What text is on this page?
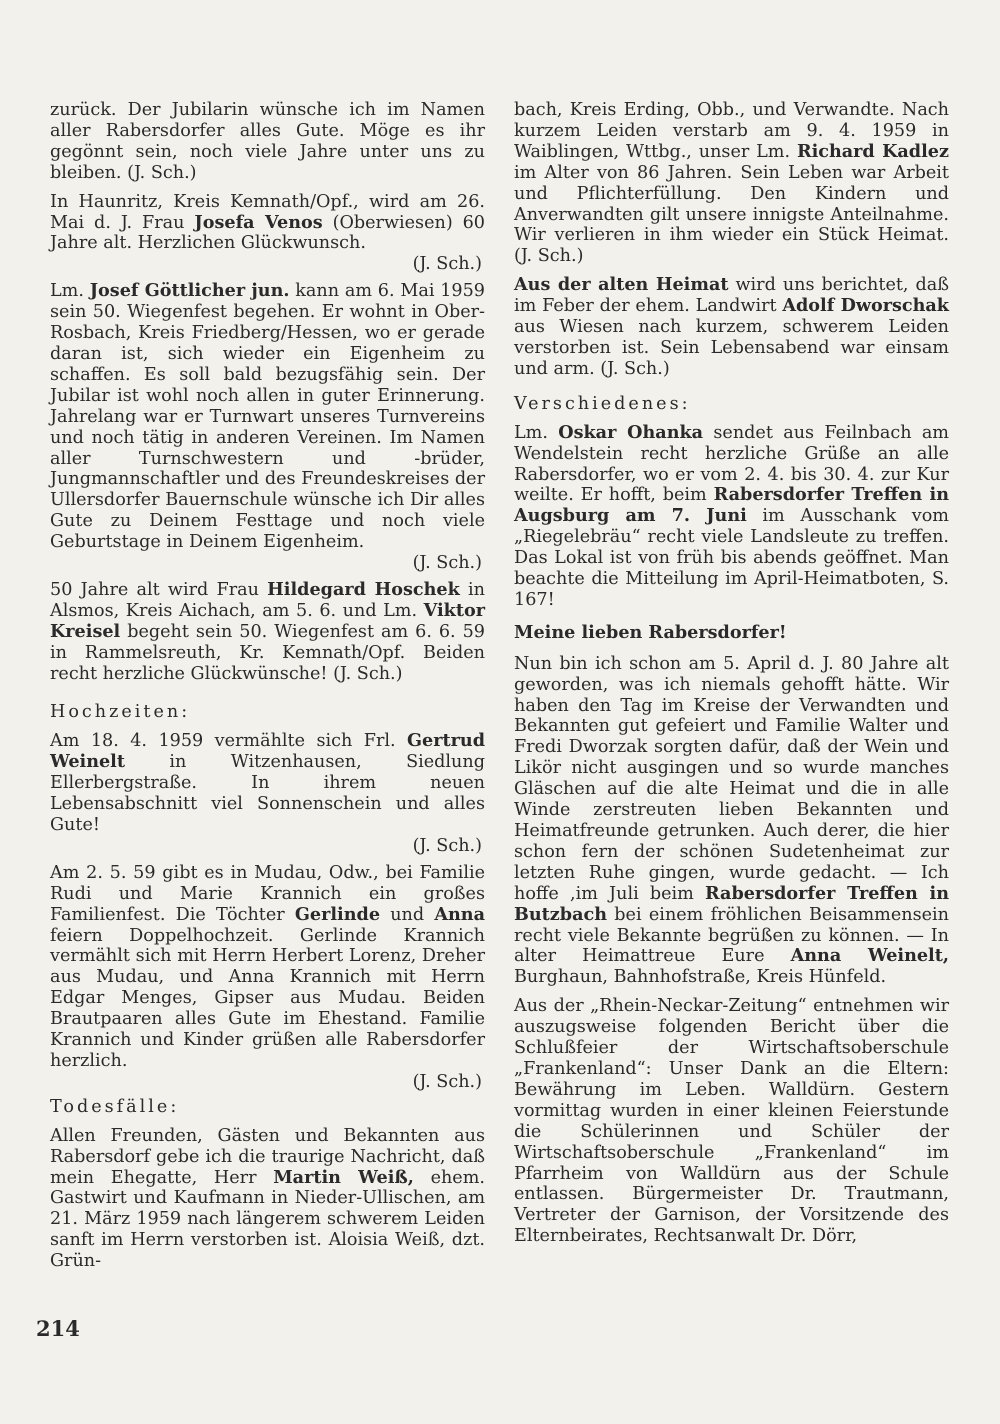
zurück. Der Jubilarin wünsche ich im Namen aller Rabersdorfer alles Gute. Möge es ihr gegönnt sein, noch viele Jahre unter uns zu bleiben. (J. Sch.)

In Haunritz, Kreis Kemnath/Opf., wird am 26. Mai d. J. Frau Josefa Venos (Oberwiesen) 60 Jahre alt. Herzlichen Glückwunsch.

(J. Sch.)

Lm. Josef Göttlicher jun. kann am 6. Mai 1959 sein 50. Wiegenfest begehen. Er wohnt in Ober-Rosbach, Kreis Friedberg/Hessen, wo er gerade daran ist, sich wieder ein Eigenheim zu schaffen. Es soll bald bezugsfähig sein. Der Jubilar ist wohl noch allen in guter Erinnerung. Jahrelang war er Turnwart unseres Turnvereins und noch tätig in anderen Vereinen. Im Namen aller Turnschwestern und -brüder, Jungmannschaftler und des Freundeskreises der Ullersdorfer Bauernschule wünsche ich Dir alles Gute zu Deinem Festtage und noch viele Geburtstage in Deinem Eigenheim.

(J. Sch.)

50 Jahre alt wird Frau Hildegard Hoschek in Alsmos, Kreis Aichach, am 5. 6. und Lm. Viktor Kreisel begeht sein 50. Wiegenfest am 6. 6. 59 in Rammelsreuth, Kr. Kemnath/Opf. Beiden recht herzliche Glückwünsche! (J. Sch.)

Hochzeiten:

Am 18. 4. 1959 vermählte sich Frl. Gertrud Weinelt in Witzenhausen, Siedlung Ellerbergstraße. In ihrem neuen Lebensabschnitt viel Sonnenschein und alles Gute!

(J. Sch.)

Am 2. 5. 59 gibt es in Mudau, Odw., bei Familie Rudi und Marie Krannich ein großes Familienfest. Die Töchter Gerlinde und Anna feiern Doppelhochzeit. Gerlinde Krannich vermählt sich mit Herrn Herbert Lorenz, Dreher aus Mudau, und Anna Krannich mit Herrn Edgar Menges, Gipser aus Mudau. Beiden Brautpaaren alles Gute im Ehestand. Familie Krannich und Kinder grüßen alle Rabersdorfer herzlich.

(J. Sch.)
Todesfälle:

Allen Freunden, Gästen und Bekannten aus Rabersdorf gebe ich die traurige Nachricht, daß mein Ehegatte, Herr Martin Weiß, ehem. Gastwirt und Kaufmann in Nieder-Ullischen, am 21. März 1959 nach längerem schwerem Leiden sanft im Herrn verstorben ist. Aloisia Weiß, dzt. Grün-

bach, Kreis Erding, Obb., und Verwandte. Nach kurzem Leiden verstarb am 9. 4. 1959 in Waiblingen, Wttbg., unser Lm. Richard Kadlez im Alter von 86 Jahren. Sein Leben war Arbeit und Pflichterfüllung. Den Kindern und Anverwandten gilt unsere innigste Anteilnahme. Wir verlieren in ihm wieder ein Stück Heimat. (J. Sch.)

Aus der alten Heimat wird uns berichtet, daß im Feber der ehem. Landwirt Adolf Dworschak aus Wiesen nach kurzem, schwerem Leiden verstorben ist. Sein Lebensabend war einsam und arm. (J. Sch.)

Verschiedenes:

Lm. Oskar Ohanka sendet aus Feilnbach am Wendelstein recht herzliche Grüße an alle Rabersdorfer, wo er vom 2. 4. bis 30. 4. zur Kur weilte. Er hofft, beim Rabersdorfer Treffen in Augsburg am 7. Juni im Ausschank vom „Riegelebräu“ recht viele Landsleute zu treffen. Das Lokal ist von früh bis abends geöffnet. Man beachte die Mitteilung im April-Heimatboten, S. 167!

Meine lieben Rabersdorfer!

Nun bin ich schon am 5. April d. J. 80 Jahre alt geworden, was ich niemals gehofft hätte. Wir haben den Tag im Kreise der Verwandten und Bekannten gut gefeiert und Familie Walter und Fredi Dworzak sorgten dafür, daß der Wein und Likör nicht ausgingen und so wurde manches Gläschen auf die alte Heimat und die in alle Winde zerstreuten lieben Bekannten und Heimatfreunde getrunken. Auch derer, die hier schon fern der schönen Sudetenheimat zur letzten Ruhe gingen, wurde gedacht. — Ich hoffe ,im Juli beim Rabersdorfer Treffen in Butzbach bei einem fröhlichen Beisammensein recht viele Bekannte begrüßen zu können. — In alter Heimattreue Eure Anna Weinelt, Burghaun, Bahnhofstraße, Kreis Hünfeld.

Aus der „Rhein-Neckar-Zeitung“ entnehmen wir auszugsweise folgenden Bericht über die Schlußfeier der Wirtschaftsoberschule „Frankenland“: Unser Dank an die Eltern: Bewährung im Leben. Walldürn. Gestern vormittag wurden in einer kleinen Feierstunde die Schülerinnen und Schüler der Wirtschaftsoberschule „Frankenland“ im Pfarrheim von Walldürn aus der Schule entlassen. Bürgermeister Dr. Trautmann, Vertreter der Garnison, der Vorsitzende des Elternbeirates, Rechtsanwalt Dr. Dörr,

214
